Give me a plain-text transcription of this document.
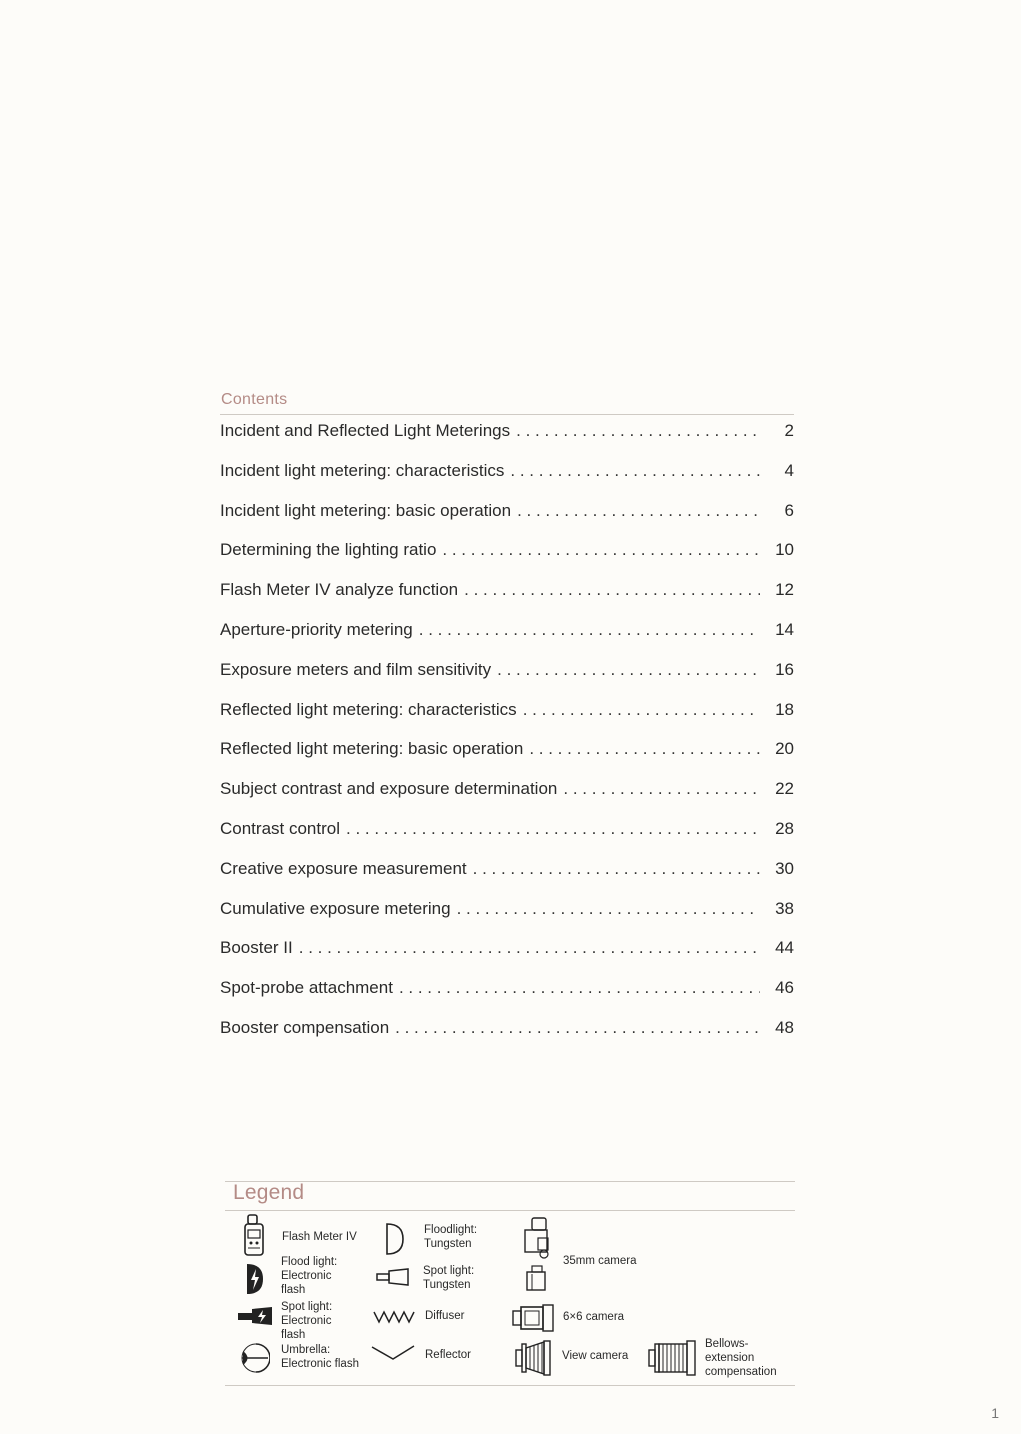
Contents
Incident and Reflected Light Meterings . . .	2
Incident light metering: characteristics . . .	4
Incident light metering: basic operation . . .	6
Determining the lighting ratio . . .	10
Flash Meter IV analyze function . . .	12
Aperture-priority metering . . .	14
Exposure meters and film sensitivity . . .	16
Reflected light metering: characteristics . . .	18
Reflected light metering: basic operation . . .	20
Subject contrast and exposure determination . . .	22
Contrast control . . .	28
Creative exposure measurement . . .	30
Cumulative exposure metering . . .	38
Booster II . . .	44
Spot-probe attachment . . .	46
Booster compensation . . .	48
Legend
Flash Meter IV
Flood light:
Electronic
flash
Spot light:
Electronic
flash
Umbrella:
Electronic flash
Floodlight:
Tungsten
Spot light:
Tungsten
Diffuser
Reflector
35mm camera
6×6 camera
View camera
Bellows-
extension
compensation
1
